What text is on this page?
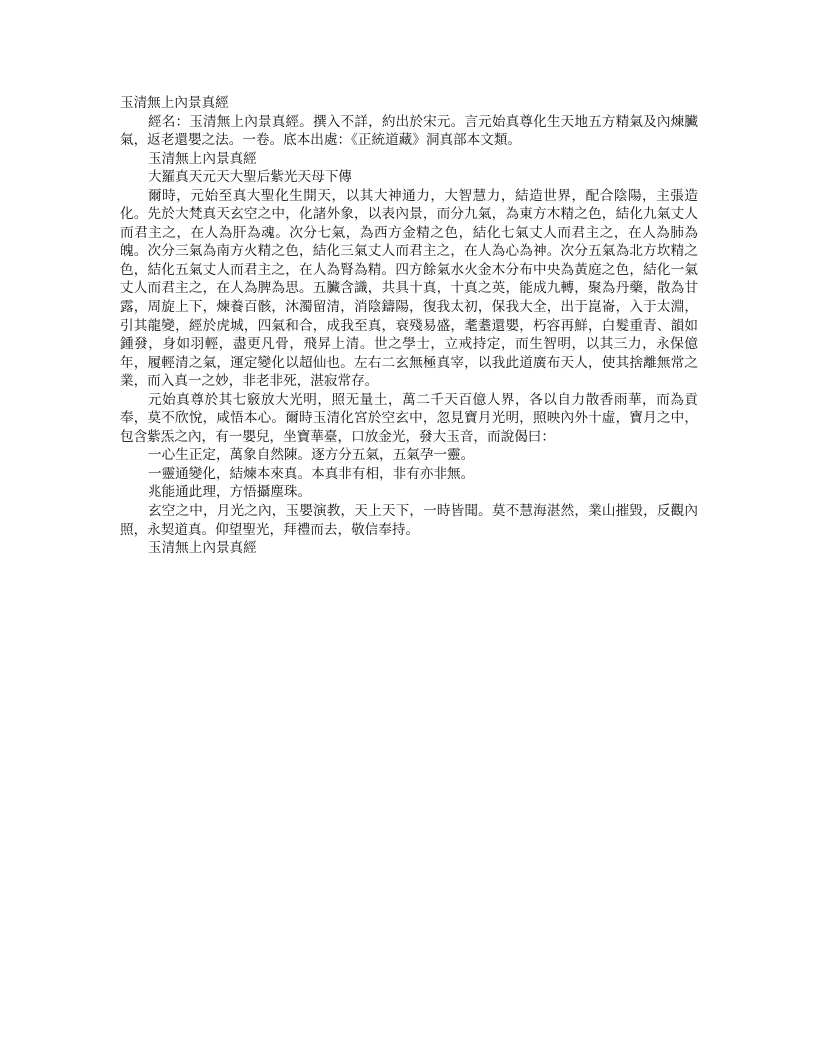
玉清無上內景真經

經名：玉清無上內景真經。撰入不詳，約出於宋元。言元始真尊化生天地五方精氣及內煉臟氣，返老還嬰之法。一卷。底本出處：《正統道藏》洞真部本文類。

玉清無上內景真經

大羅真天元天大聖后紫光天母下傳

爾時，元始至真大聖化生開天，以其大神通力，大智慧力，結造世界，配合陰陽，主張造化。先於大梵真天玄空之中，化諸外象，以表內景，而分九氣，為東方木精之色，結化九氣丈人而君主之，在人為肝為魂。次分七氣，為西方金精之色，結化七氣丈人而君主之，在人為肺為魄。次分三氣為南方火精之色，結化三氣丈人而君主之，在人為心為神。次分五氣為北方坎精之色，結化五氣丈人而君主之，在人為腎為精。四方餘氣水火金木分布中央為黃庭之色，結化一氣丈人而君主之，在人為脾為思。五臟含識，共具十真，十真之英，能成九轉，聚為丹藥，散為甘露，周旋上下，煉養百骸，沐濁留清，消陰鑄陽，復我太初，保我大全，出于崑崙，入于太淵，引其龍變，經於虎城，四氣和合，成我至真，衰殘易盛，耄耋還嬰，朽容再鮮，白髮重青、韻如鍾發，身如羽輕，盡更凡骨，飛昇上清。世之學士，立戒持定，而生智明，以其三力，永保億年，履輕清之氣，運定變化以超仙也。左右二玄無極真宰，以我此道廣布天人，使其捨離無常之業，而入真一之妙，非老非死，湛寂常存。

元始真尊於其七竅放大光明，照无量土，萬二千天百億人界，各以自力散香雨華，而為貢奉，莫不欣悅，咸悟本心。爾時玉清化宮於空玄中，忽見寶月光明，照映內外十虛，寶月之中，包含紫炁之內，有一嬰兒，坐寶華臺，口放金光，發大玉音，而說偈曰：

一心生正定，萬象自然陳。逐方分五氣，五氣孕一靈。

一靈通變化，結煉本來真。本真非有相，非有亦非無。

兆能通此理，方悟攝塵珠。

玄空之中，月光之內，玉嬰演教，天上天下，一時皆聞。莫不慧海湛然，業山摧毀，反觀內照，永契道真。仰望聖光，拜禮而去，敬信奉持。

玉清無上內景真經
